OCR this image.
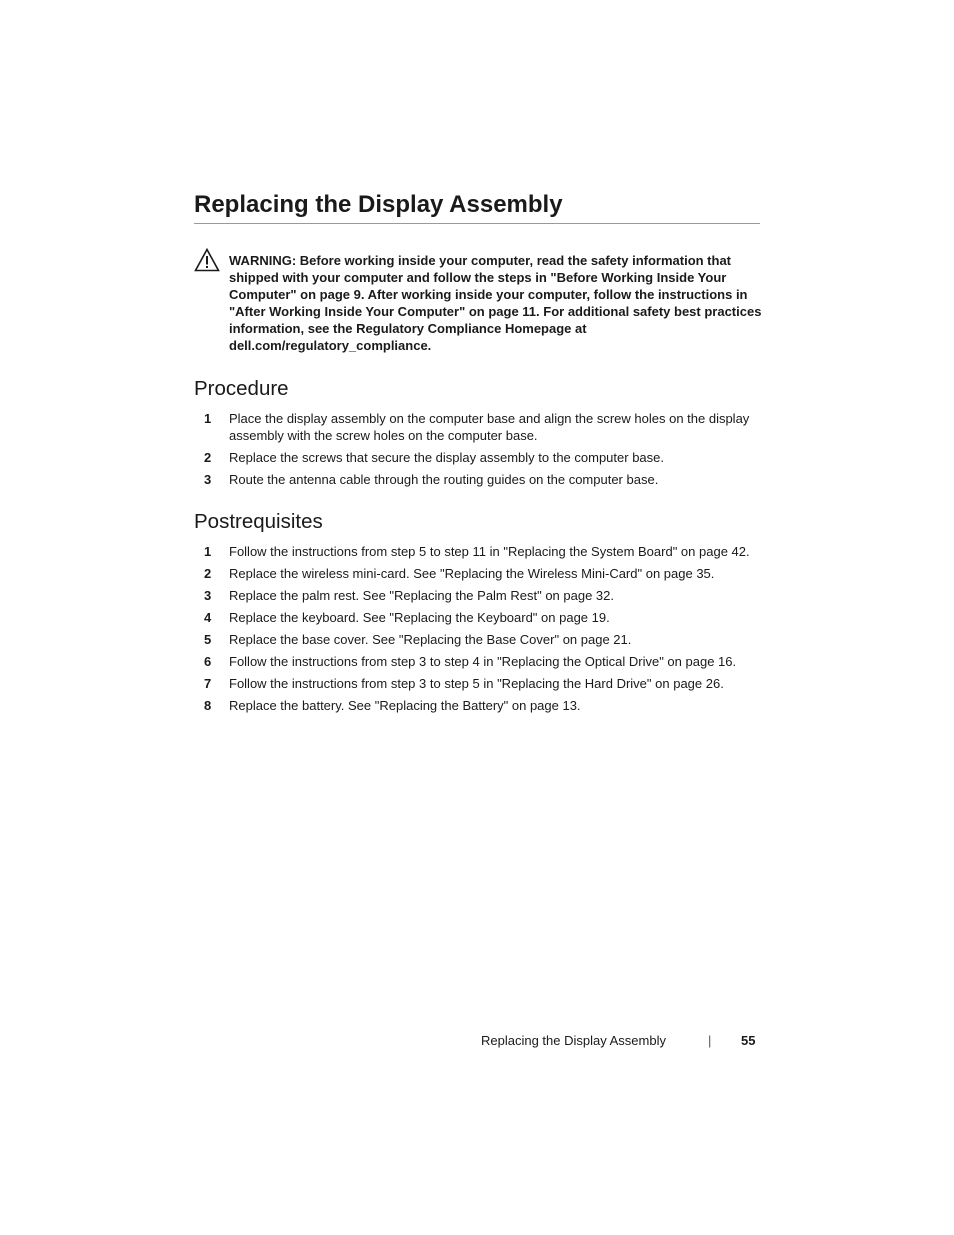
Replacing the Display Assembly
WARNING: Before working inside your computer, read the safety information that shipped with your computer and follow the steps in "Before Working Inside Your Computer" on page 9. After working inside your computer, follow the instructions in "After Working Inside Your Computer" on page 11. For additional safety best practices information, see the Regulatory Compliance Homepage at dell.com/regulatory_compliance.
Procedure
1 Place the display assembly on the computer base and align the screw holes on the display assembly with the screw holes on the computer base.
2 Replace the screws that secure the display assembly to the computer base.
3 Route the antenna cable through the routing guides on the computer base.
Postrequisites
1 Follow the instructions from step 5 to step 11 in "Replacing the System Board" on page 42.
2 Replace the wireless mini-card. See "Replacing the Wireless Mini-Card" on page 35.
3 Replace the palm rest. See "Replacing the Palm Rest" on page 32.
4 Replace the keyboard. See "Replacing the Keyboard" on page 19.
5 Replace the base cover. See "Replacing the Base Cover" on page 21.
6 Follow the instructions from step 3 to step 4 in "Replacing the Optical Drive" on page 16.
7 Follow the instructions from step 3 to step 5 in "Replacing the Hard Drive" on page 26.
8 Replace the battery. See "Replacing the Battery" on page 13.
Replacing the Display Assembly	| 55
